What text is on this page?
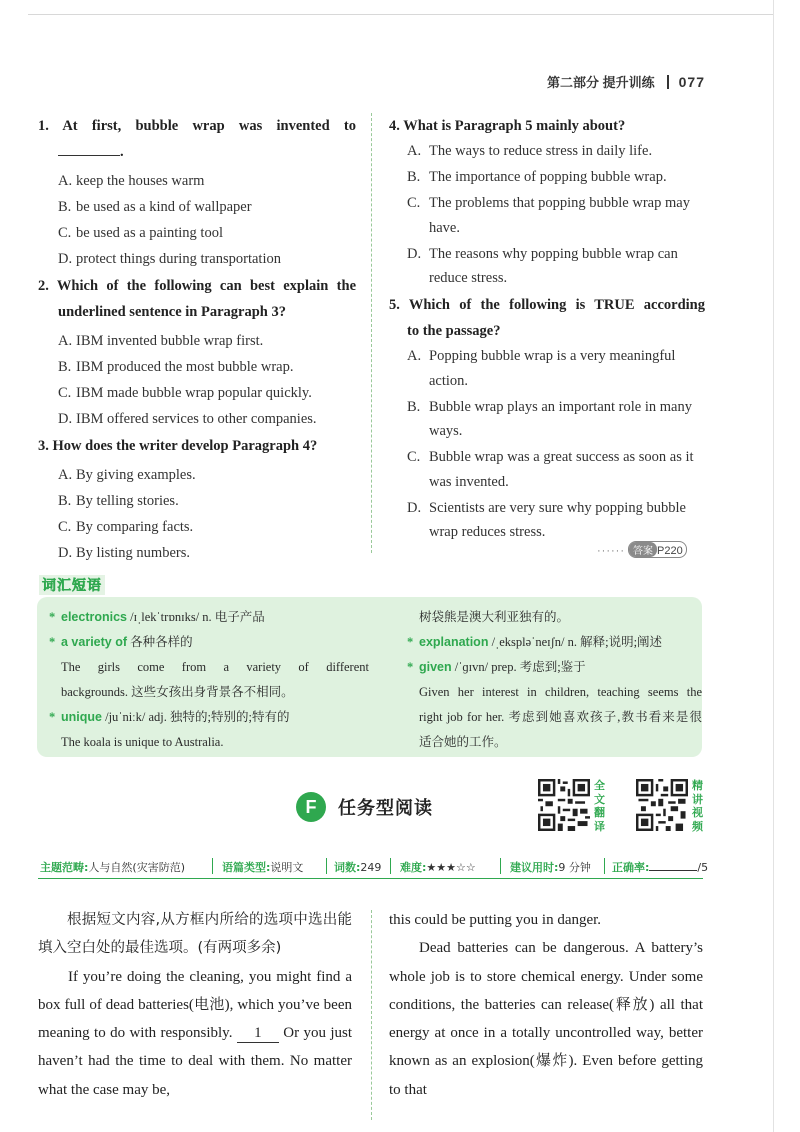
第二部分 提升训练 077
1. At first, bubble wrap was invented to
.
A. keep the houses warm
B. be used as a kind of wallpaper
C. be used as a painting tool
D. protect things during transportation
2. Which of the following can best explain the
underlined sentence in Paragraph 3?
A. IBM invented bubble wrap first.
B. IBM produced the most bubble wrap.
C. IBM made bubble wrap popular quickly.
D. IBM offered services to other companies.
3. How does the writer develop Paragraph 4?
A. By giving examples.
B. By telling stories.
C. By comparing facts.
D. By listing numbers.
4. What is Paragraph 5 mainly about?
A. The ways to reduce stress in daily life.
B. The importance of popping bubble wrap.
C. The problems that popping bubble wrap may have.
D. The reasons why popping bubble wrap can reduce stress.
5. Which of the following is TRUE according
to the passage?
A. Popping bubble wrap is a very meaningful action.
B. Bubble wrap plays an important role in many ways.
C. Bubble wrap was a great success as soon as it was invented.
D. Scientists are very sure why popping bubble wrap reduces stress.
······ 答案 P220
词汇短语
* electronics /ɪˌlekˈtrɒnɪks/ n. 电子产品
* a variety of 各种各样的
The girls come from a variety of different
backgrounds. 这些女孩出身背景各不相同。
* unique /juˈniːk/ adj. 独特的;特别的;特有的
The koala is unique to Australia.
树袋熊是澳大利亚独有的。
* explanation /ˌekspləˈneɪʃn/ n. 解释;说明;阐述
* given /ˈɡɪvn/ prep. 考虑到;鉴于
Given her interest in children, teaching seems the
right job for her. 考虑到她喜欢孩子,教书看来是很
适合她的工作。
F	任务型阅读
全
文
翻
译
精
讲
视
频
主题范畴:人与自然(灾害防范)	语篇类型:说明文	词数:249 难度:★★★☆☆	建议用时:9 分钟 正确率:	/5

根据短文内容,从方框内所给的选项中选出能填入空白处的最佳选项。(有两项多余)

If you’re doing the cleaning, you might find a box full of dead batteries(电池), which you’ve been meaning to do with responsibly. 1 Or you just haven’t had the time to deal with them. No matter what the case may be,

this could be putting you in danger.

Dead batteries can be dangerous. A battery’s whole job is to store chemical energy. Under some conditions, the batteries can release(释放) all that energy at once in a totally uncontrolled way, better known as an explosion(爆炸). Even before getting to that
